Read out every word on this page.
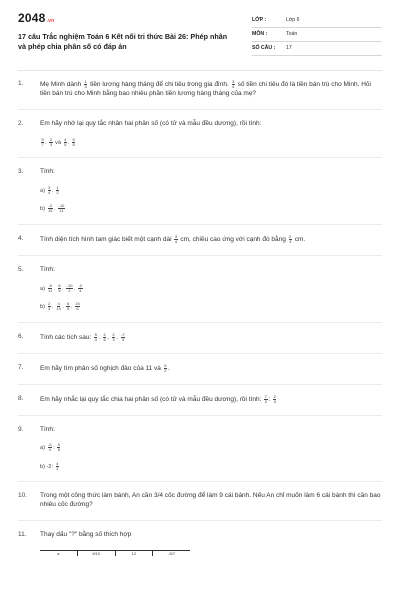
2048.vn
17 câu Trắc nghiệm Toán 6 Kết nối tri thức Bài 26: Phép nhân và phép chia phân số có đáp án
LỚP :	Lớp 6
MÔN :	Toán
SỐ CÂU :	17
1.	Mẹ Minh dành $\frac{1}{3}$ tiền lương hàng tháng để chi tiêu trong gia đình. $\frac{3}{4}$ số tiền chi tiêu đó là tiền bán trú cho Minh. Hỏi tiền bán trú cho Minh bằng bao nhiêu phần tiền lương hàng tháng của mẹ?
2.	Em hãy nhớ lại quy tắc nhân hai phân số (có tử và mẫu đều dương), rồi tính:
$\frac{5}{7}$ . $\frac{2}{3}$ và $\frac{4}{5}$ . $\frac{5}{8}$
3.	Tính:
$a) \frac{3}{4}$ . $\frac{1}{2}$
$b) \frac{-2}{15}$ . $\frac{-10}{11}$
4.	Tính diện tích hình tam giác biết một cạnh dài $\frac{3}{4}$ cm, chiều cao ứng với cạnh đó bằng $\frac{2}{3}$ cm.
5.	Tính:
$a) \frac{-5}{11}$ . $\frac{6}{5}$ . $\frac{-10}{2}$ . $\frac{-2}{4}$
$b) \frac{2}{3}$ . $\frac{4}{15}$ . $\frac{6}{5}$ . $\frac{15}{6}$
6.	Tính các tích sau: $\frac{5}{4}$ . $\frac{2}{6}$ . $\frac{2}{3}$ . $\frac{-7}{3}$
7.	Em hãy tìm phân số nghịch đảo của 11 và $\frac{5}{2}$ .
8.	Em hãy nhắc lại quy tắc chia hai phân số (có tử và mẫu đều dương), rồi tính: $\frac{7}{2}$ : $\frac{2}{3}$
9.	Tính:
$a) \frac{-5}{4}$ : $\frac{5}{8}$
b) -2: $\frac{4}{3}$
10.	Trong một công thức làm bánh, An cần 3/4 cốc đường để làm 9 cái bánh. Nếu An chỉ muốn làm 6 cái bánh thì cần bao nhiêu cốc đường?
11.	Thay dấu "?" bằng số thích hợp
a	9/10	12	-5/7
